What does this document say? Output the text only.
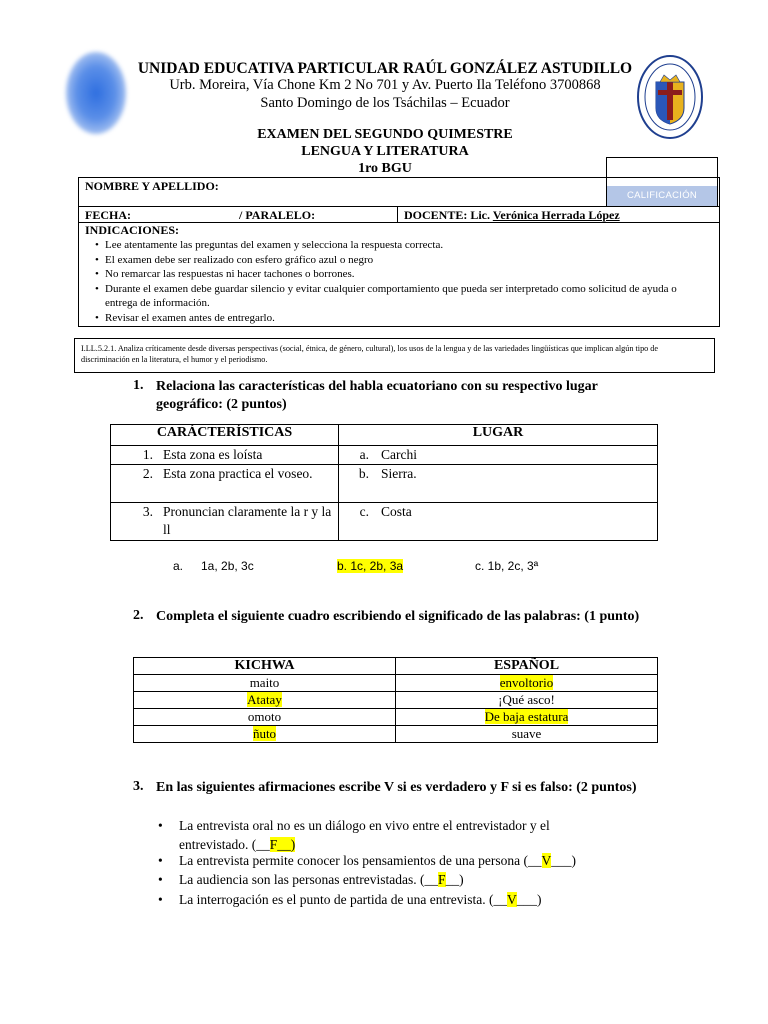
UNIDAD EDUCATIVA PARTICULAR RAÚL GONZÁLEZ ASTUDILLO
Urb. Moreira, Vía Chone Km 2 No 701 y Av. Puerto Ila Teléfono 3700868
Santo Domingo de los Tsáchilas – Ecuador
EXAMEN DEL SEGUNDO QUIMESTRE
LENGUA Y LITERATURA
1ro BGU
CALIFICACIÓN
NOMBRE Y APELLIDO:
FECHA:	/ PARALELO:	DOCENTE: Lic. Verónica Herrada López
INDICACIONES:
• Lee atentamente las preguntas del examen y selecciona la respuesta correcta.
• El examen debe ser realizado con esfero gráfico azul o negro
• No remarcar las respuestas ni hacer tachones o borrones.
• Durante el examen debe guardar silencio y evitar cualquier comportamiento que pueda ser interpretado como solicitud de ayuda o entrega de información.
• Revisar el examen antes de entregarlo.
I.LL.5.2.1. Analiza críticamente desde diversas perspectivas (social, étnica, de género, cultural), los usos de la lengua y de las variedades lingüísticas que implican algún tipo de discriminación en la literatura, el humor y el periodismo.
1. Relaciona las características del habla ecuatoriano con su respectivo lugar geográfico: (2 puntos)
CARÁCTERÍSTICAS	LUGAR

1. Esta zona es loísta	a. Carchi

2. Esta zona practica el voseo.	b. Sierra.

3. Pronuncian claramente la r y la ll	c. Costa
a. 1a, 2b, 3c	b. 1c, 2b, 3a	c. 1b, 2c, 3ª
2. Completa el siguiente cuadro escribiendo el significado de las palabras: (1 punto)
KICHWA	ESPAÑOL
maito	envoltorio
Atatay	¡Qué asco!
omoto	De baja estatura
ñuto	suave
3. En las siguientes afirmaciones escribe V si es verdadero y F si es falso: (2 puntos)
• La entrevista oral no es un diálogo en vivo entre el entrevistador y el
entrevistado. (__F__)
• La entrevista permite conocer los pensamientos de una persona (__V___)
• La audiencia son las personas entrevistadas. (__F__)
• La interrogación es el punto de partida de una entrevista. (__V___)
